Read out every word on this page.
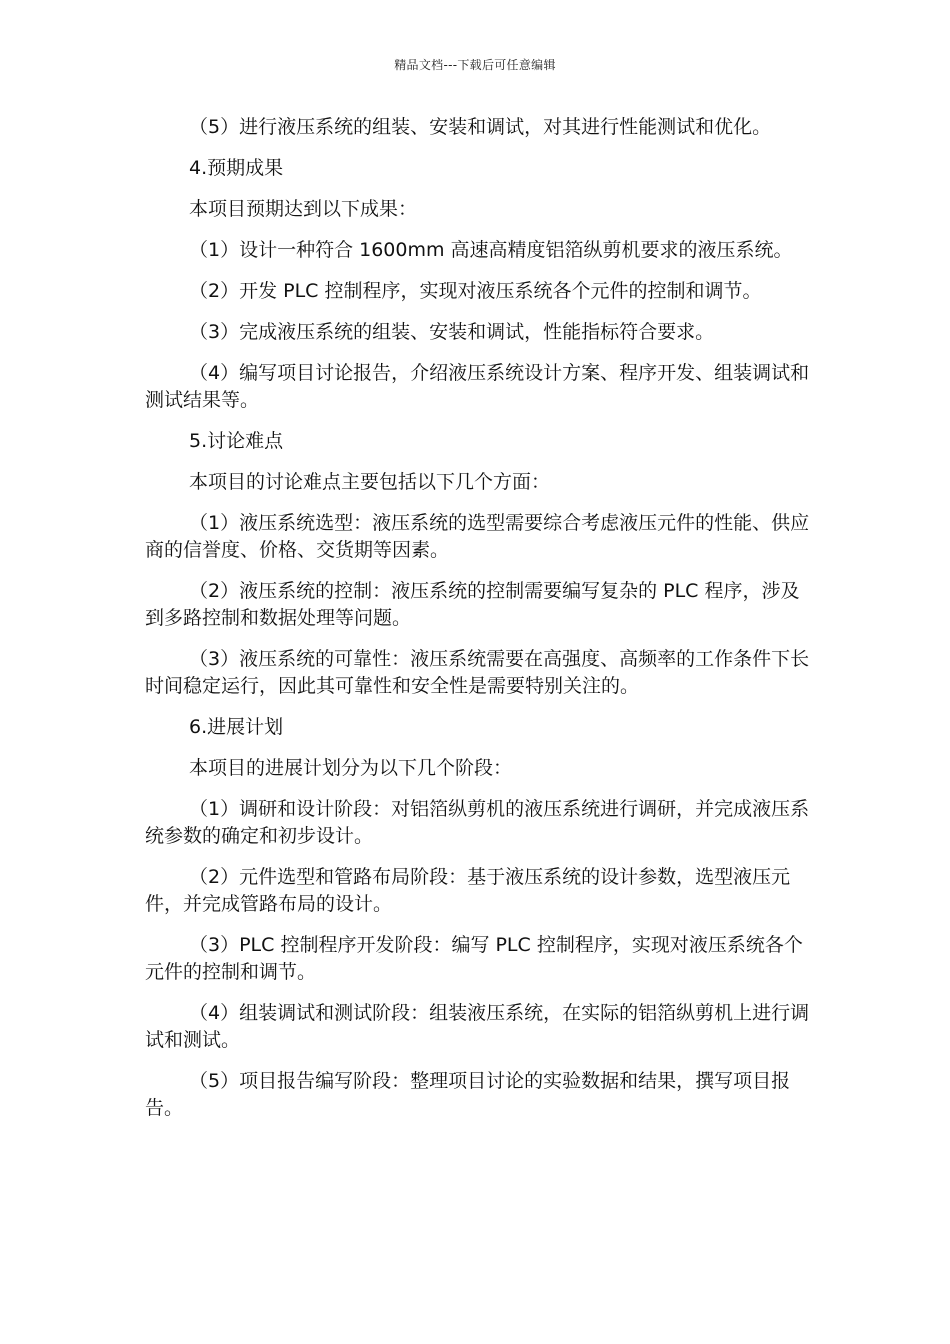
精品文档---下载后可任意编辑

（5）进行液压系统的组装、安装和调试，对其进行性能测试和优化。

4.预期成果

本项目预期达到以下成果：

（1）设计一种符合 1600mm 高速高精度铝箔纵剪机要求的液压系统。

（2）开发 PLC 控制程序，实现对液压系统各个元件的控制和调节。

（3）完成液压系统的组装、安装和调试，性能指标符合要求。

（4）编写项目讨论报告，介绍液压系统设计方案、程序开发、组装调试和测试结果等。

5.讨论难点

本项目的讨论难点主要包括以下几个方面：

（1）液压系统选型：液压系统的选型需要综合考虑液压元件的性能、供应商的信誉度、价格、交货期等因素。

（2）液压系统的控制：液压系统的控制需要编写复杂的 PLC 程序，涉及到多路控制和数据处理等问题。

（3）液压系统的可靠性：液压系统需要在高强度、高频率的工作条件下长时间稳定运行，因此其可靠性和安全性是需要特别关注的。

6.进展计划

本项目的进展计划分为以下几个阶段：

（1）调研和设计阶段：对铝箔纵剪机的液压系统进行调研，并完成液压系统参数的确定和初步设计。

（2）元件选型和管路布局阶段：基于液压系统的设计参数，选型液压元件，并完成管路布局的设计。

（3）PLC 控制程序开发阶段：编写 PLC 控制程序，实现对液压系统各个元件的控制和调节。

（4）组装调试和测试阶段：组装液压系统，在实际的铝箔纵剪机上进行调试和测试。

（5）项目报告编写阶段：整理项目讨论的实验数据和结果，撰写项目报告。
